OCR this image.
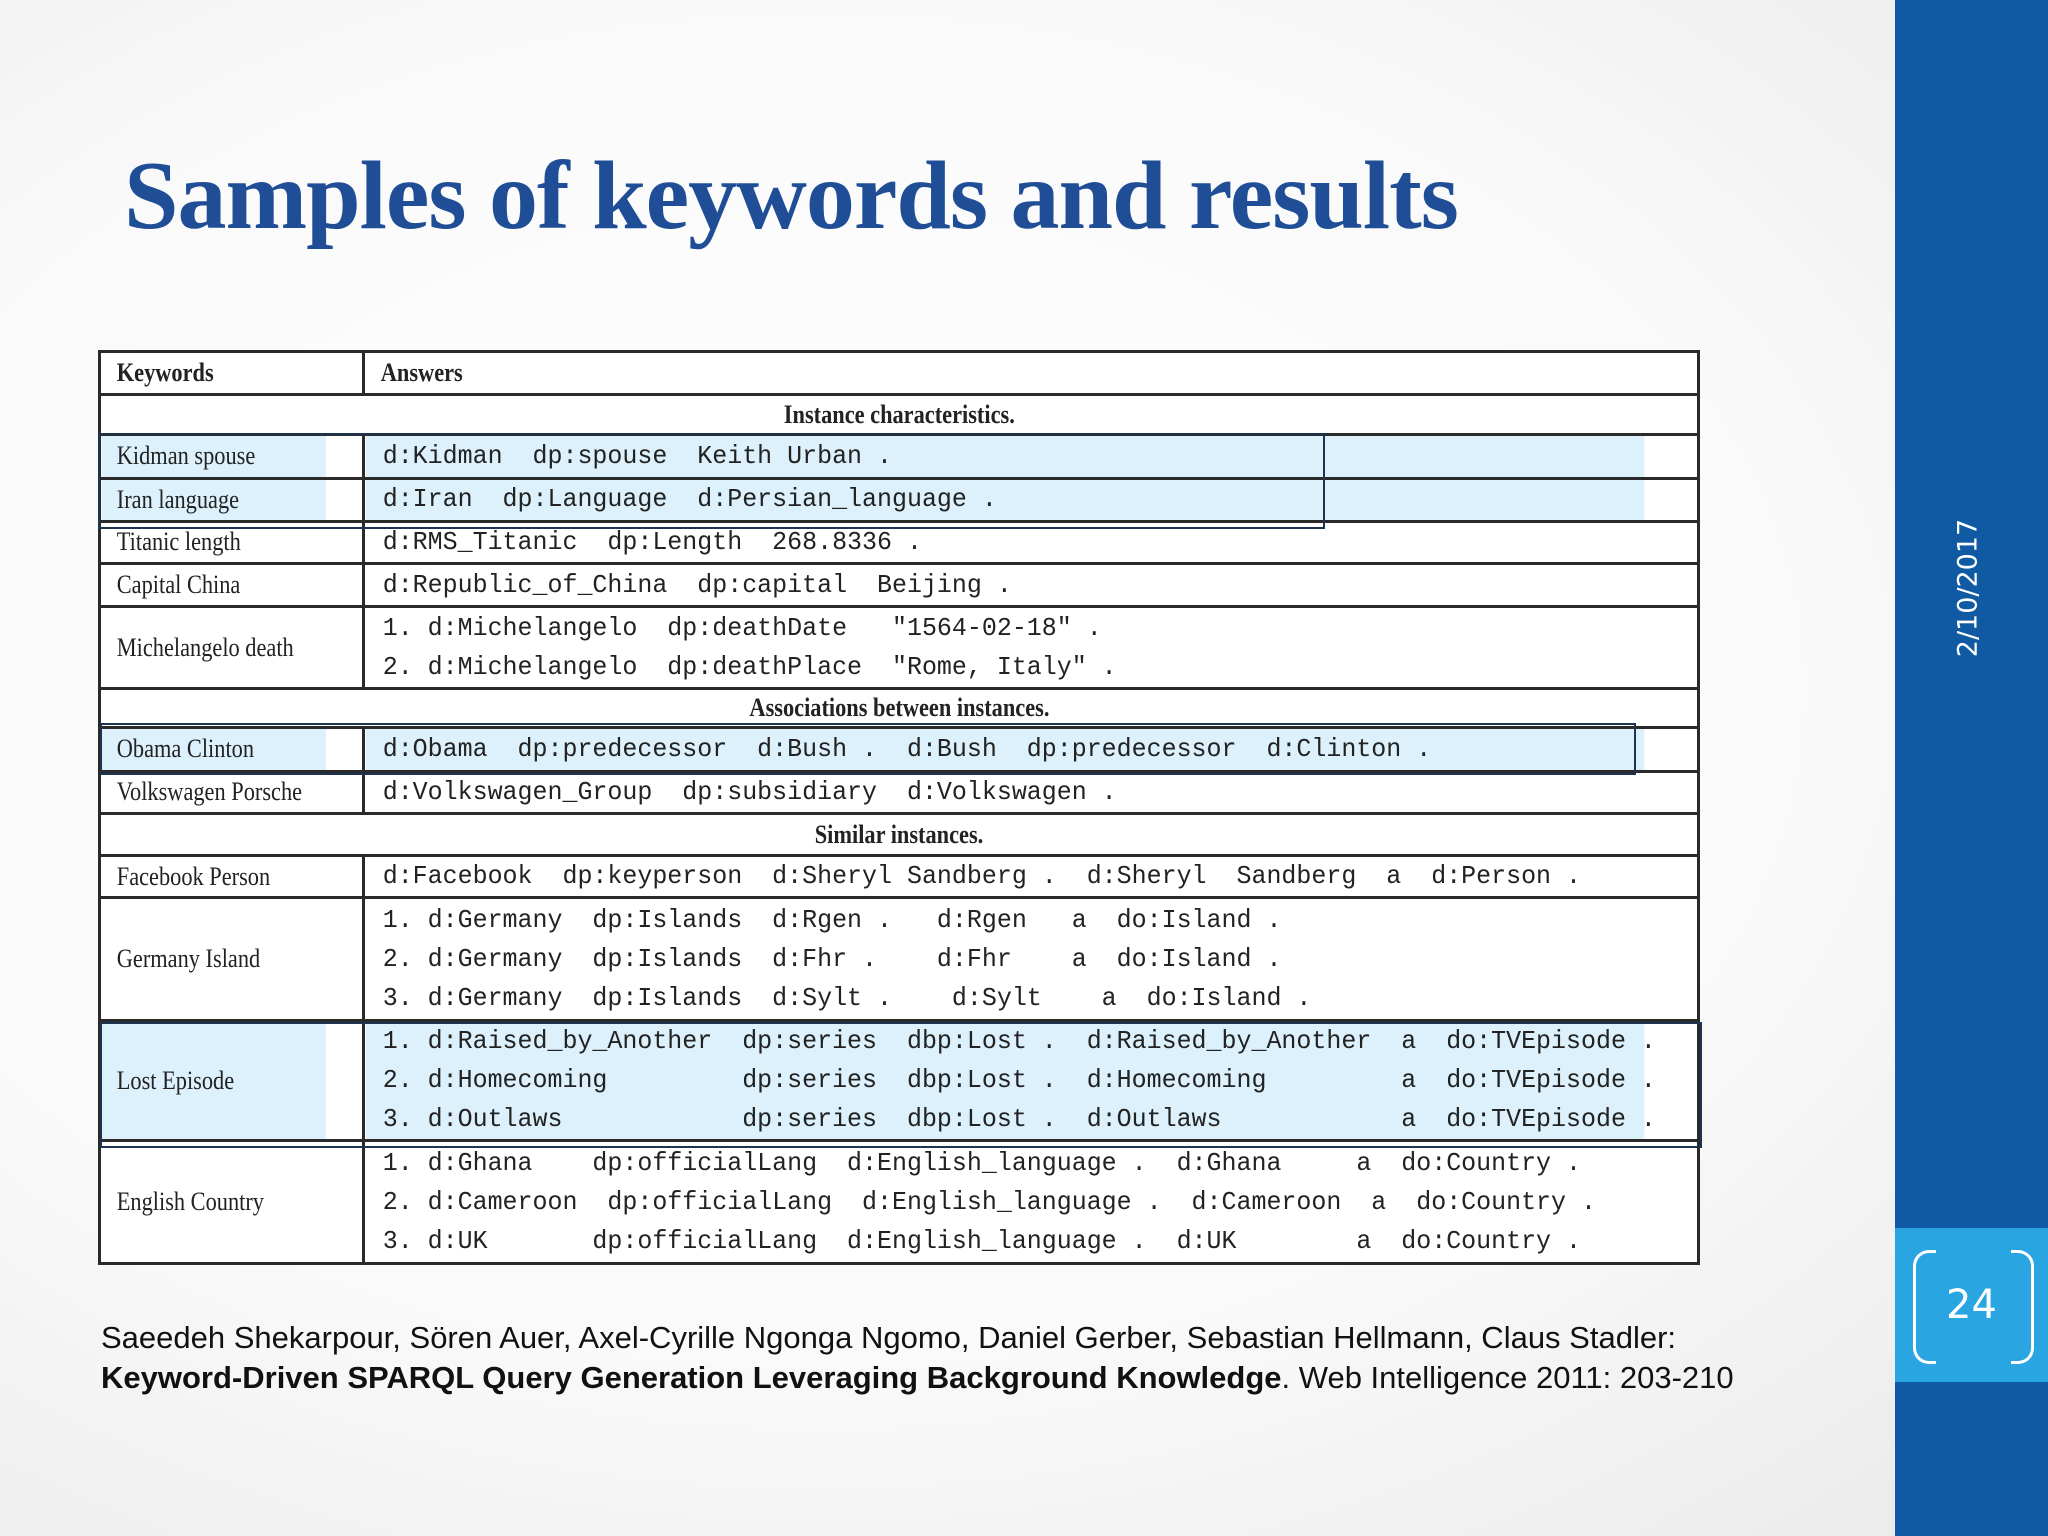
Samples of keywords and results
Keywords	Answers
Instance characteristics.	
Kidman spouse	d:Kidman  dp:spouse  Keith Urban .
Iran language	d:Iran  dp:Language  d:Persian_language .
Titanic length	d:RMS_Titanic  dp:Length  268.8336 .
Capital China	d:Republic_of_China  dp:capital  Beijing .
Michelangelo death	1. d:Michelangelo  dp:deathDate   "1564-02-18" .
2. d:Michelangelo  dp:deathPlace  "Rome, Italy" .
Associations between instances.	
Obama Clinton	d:Obama  dp:predecessor  d:Bush .  d:Bush  dp:predecessor  d:Clinton .
Volkswagen Porsche	d:Volkswagen_Group  dp:subsidiary  d:Volkswagen .
Similar instances.	
Facebook Person	d:Facebook  dp:keyperson  d:Sheryl Sandberg .  d:Sheryl  Sandberg  a  d:Person .
Germany Island	1. d:Germany  dp:Islands  d:Rgen .   d:Rgen   a  do:Island .
2. d:Germany  dp:Islands  d:Fhr .    d:Fhr    a  do:Island .
3. d:Germany  dp:Islands  d:Sylt .    d:Sylt    a  do:Island .
Lost Episode	1. d:Raised_by_Another  dp:series  dbp:Lost .  d:Raised_by_Another  a  do:TVEpisode .
2. d:Homecoming         dp:series  dbp:Lost .  d:Homecoming         a  do:TVEpisode .
3. d:Outlaws            dp:series  dbp:Lost .  d:Outlaws            a  do:TVEpisode .
English Country	1. d:Ghana    dp:officialLang  d:English_language .  d:Ghana     a  do:Country .
2. d:Cameroon  dp:officialLang  d:English_language .  d:Cameroon  a  do:Country .
3. d:UK       dp:officialLang  d:English_language .  d:UK        a  do:Country .

Saeedeh Shekarpour, Sören Auer, Axel-Cyrille Ngonga Ngomo, Daniel Gerber, Sebastian Hellmann, Claus Stadler: Keyword-Driven SPARQL Query Generation Leveraging Background Knowledge. Web Intelligence 2011: 203-210

2/10/2017
24
